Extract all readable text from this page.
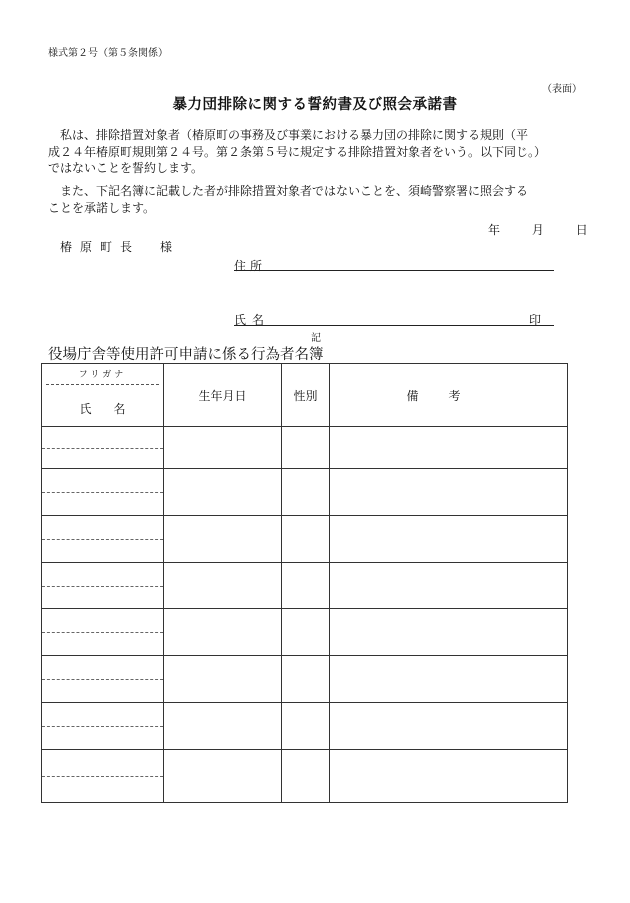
様式第２号（第５条関係）
（表面）
暴力団排除に関する誓約書及び照会承諾書
　私は、排除措置対象者（椿原町の事務及び事業における暴力団の排除に関する規則（平
成２４年椿原町規則第２４号。第２条第５号に規定する排除措置対象者をいう。以下同じ。）
ではないことを誓約します。
　また、下記名簿に記載した者が排除措置対象者ではないことを、須崎警察署に照会する
ことを承諾します。
年	月	日
椿原町長　様
住所
氏名	印
記
役場庁舎等使用許可申請に係る行為者名簿
フリガナ
氏名	生年月日	性別	備考
